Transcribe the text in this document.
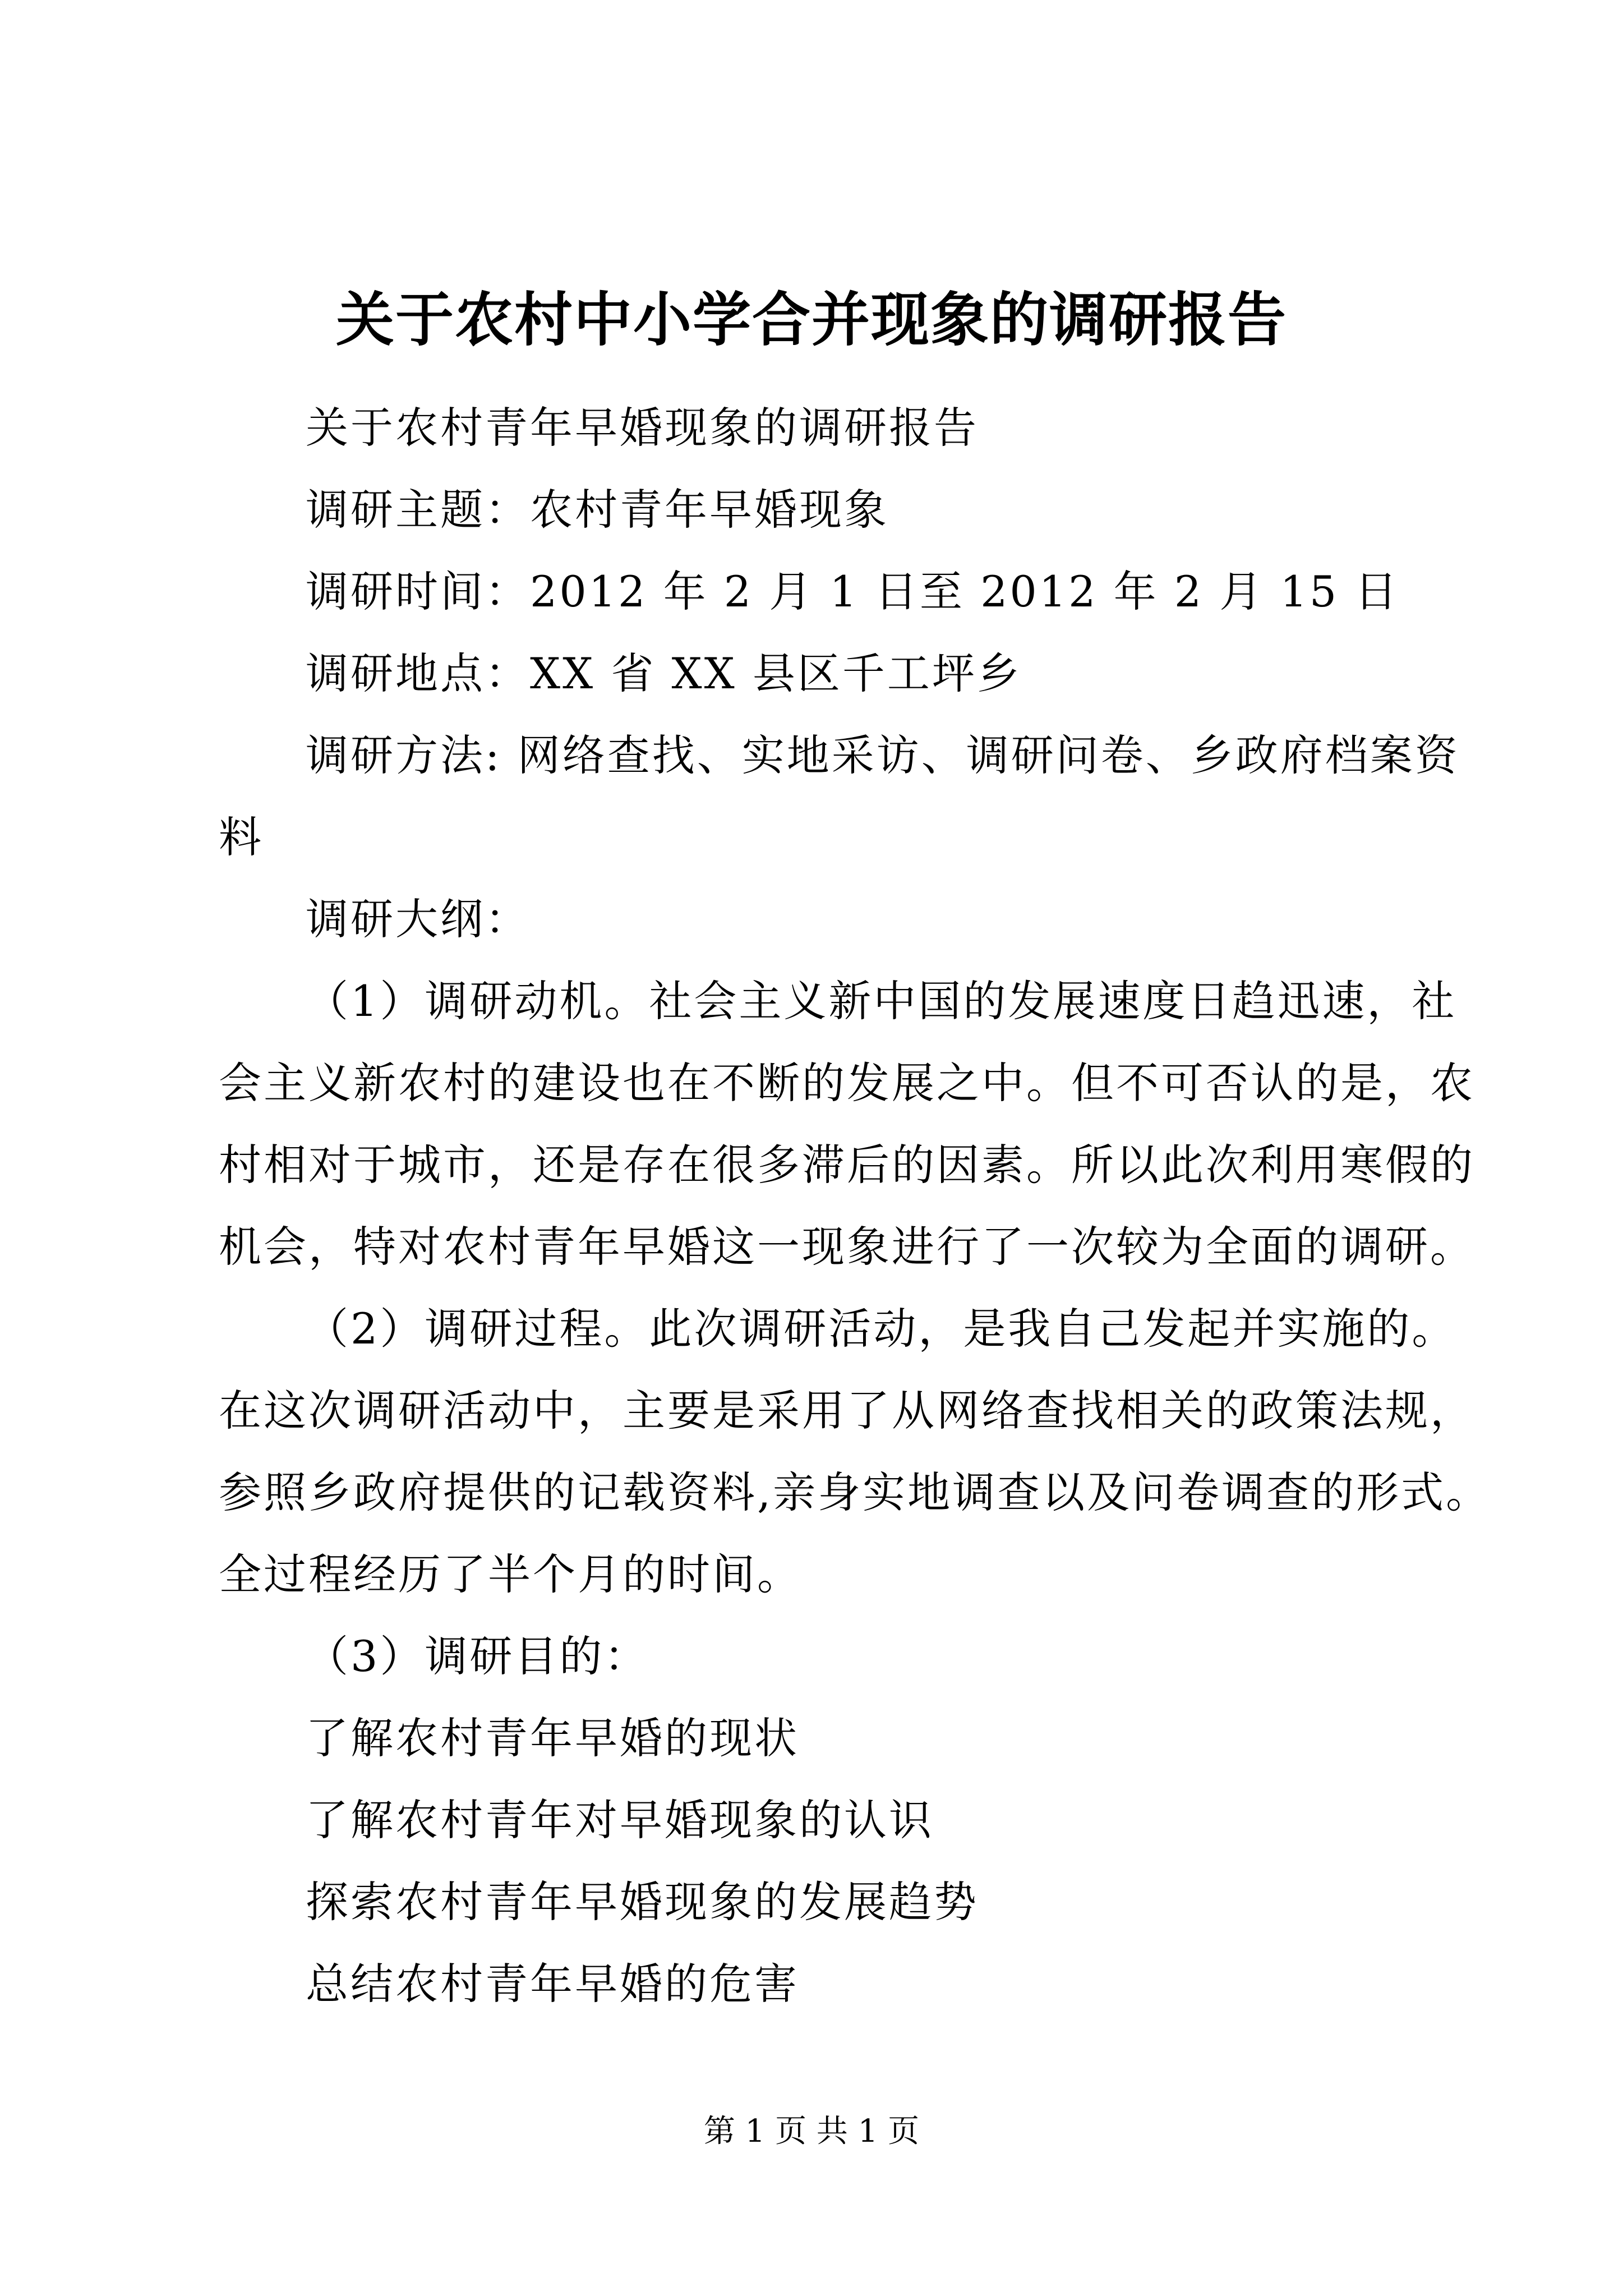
关于农村中小学合并现象的调研报告
关于农村青年早婚现象的调研报告
调研主题：农村青年早婚现象
调研时间：2012 年 2 月 1 日至 2012 年 2 月 15 日
调研地点：XX 省 XX 县区千工坪乡
调研方法: 网络查找、实地采访、调研问卷、乡政府档案资
料
调研大纲：
（1）调研动机。社会主义新中国的发展速度日趋迅速，社
会主义新农村的建设也在不断的发展之中。但不可否认的是，农
村相对于城市，还是存在很多滞后的因素。所以此次利用寒假的
机会，特对农村青年早婚这一现象进行了一次较为全面的调研。
（2）调研过程。此次调研活动，是我自己发起并实施的。
在这次调研活动中，主要是采用了从网络查找相关的政策法规，
参照乡政府提供的记载资料,亲身实地调查以及问卷调查的形式。
全过程经历了半个月的时间。
（3）调研目的：
了解农村青年早婚的现状
了解农村青年对早婚现象的认识
探索农村青年早婚现象的发展趋势
总结农村青年早婚的危害
第 1 页 共 1 页
